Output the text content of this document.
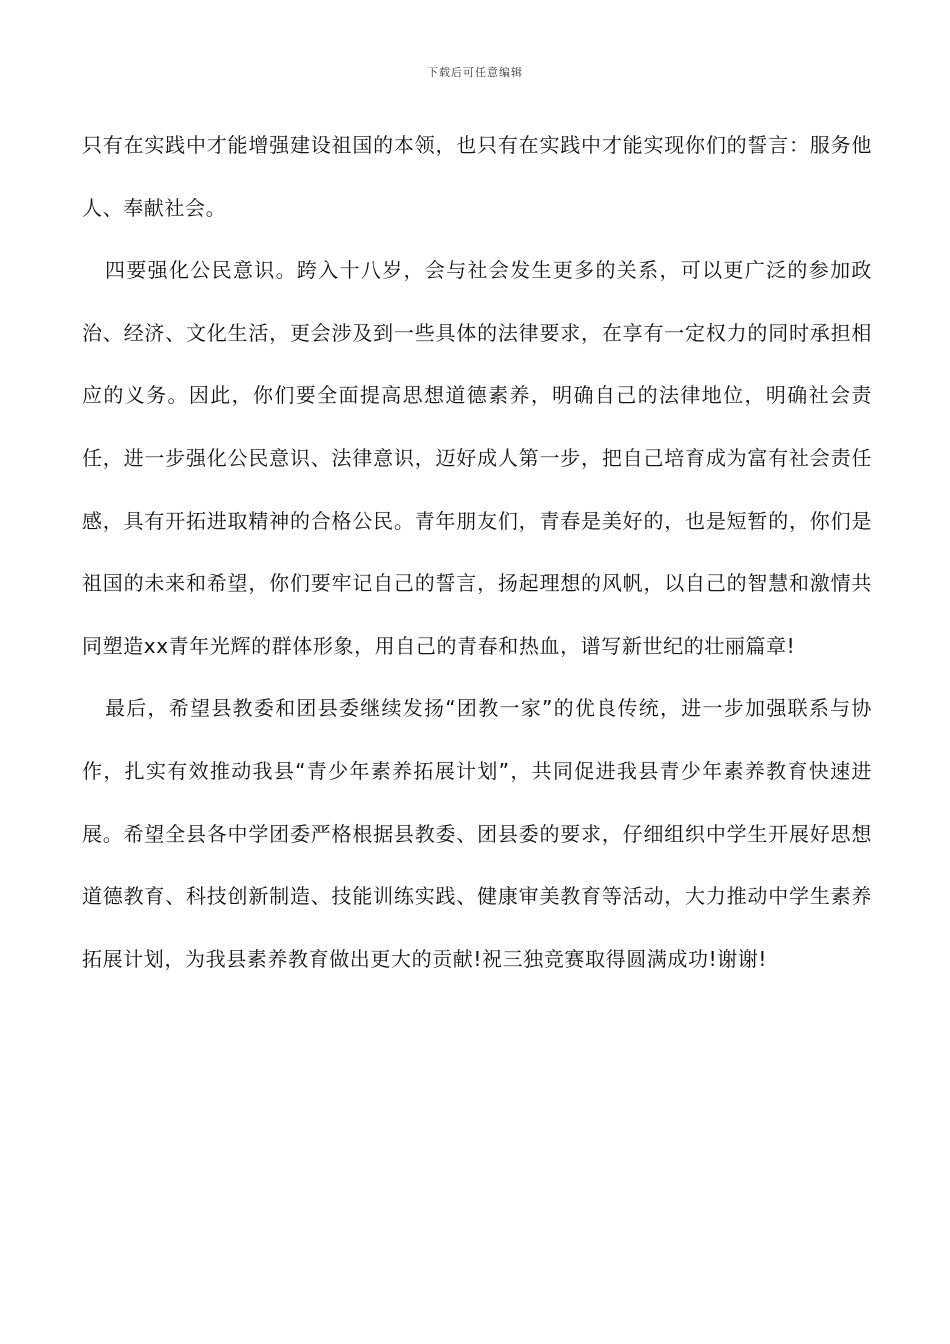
下载后可任意编辑

只有在实践中才能增强建设祖国的本领，也只有在实践中才能实现你们的誓言：服务他人、奉献社会。

四要强化公民意识。跨入十八岁，会与社会发生更多的关系，可以更广泛的参加政治、经济、文化生活，更会涉及到一些具体的法律要求，在享有一定权力的同时承担相应的义务。因此，你们要全面提高思想道德素养，明确自己的法律地位，明确社会责任，进一步强化公民意识、法律意识，迈好成人第一步，把自己培育成为富有社会责任感，具有开拓进取精神的合格公民。青年朋友们，青春是美好的，也是短暂的，你们是祖国的未来和希望，你们要牢记自己的誓言，扬起理想的风帆，以自己的智慧和激情共同塑造xx青年光辉的群体形象，用自己的青春和热血，谱写新世纪的壮丽篇章!

最后，希望县教委和团县委继续发扬“团教一家”的优良传统，进一步加强联系与协作，扎实有效推动我县“青少年素养拓展计划”，共同促进我县青少年素养教育快速进展。希望全县各中学团委严格根据县教委、团县委的要求，仔细组织中学生开展好思想道德教育、科技创新制造、技能训练实践、健康审美教育等活动，大力推动中学生素养拓展计划，为我县素养教育做出更大的贡献!祝三独竞赛取得圆满成功!谢谢!
